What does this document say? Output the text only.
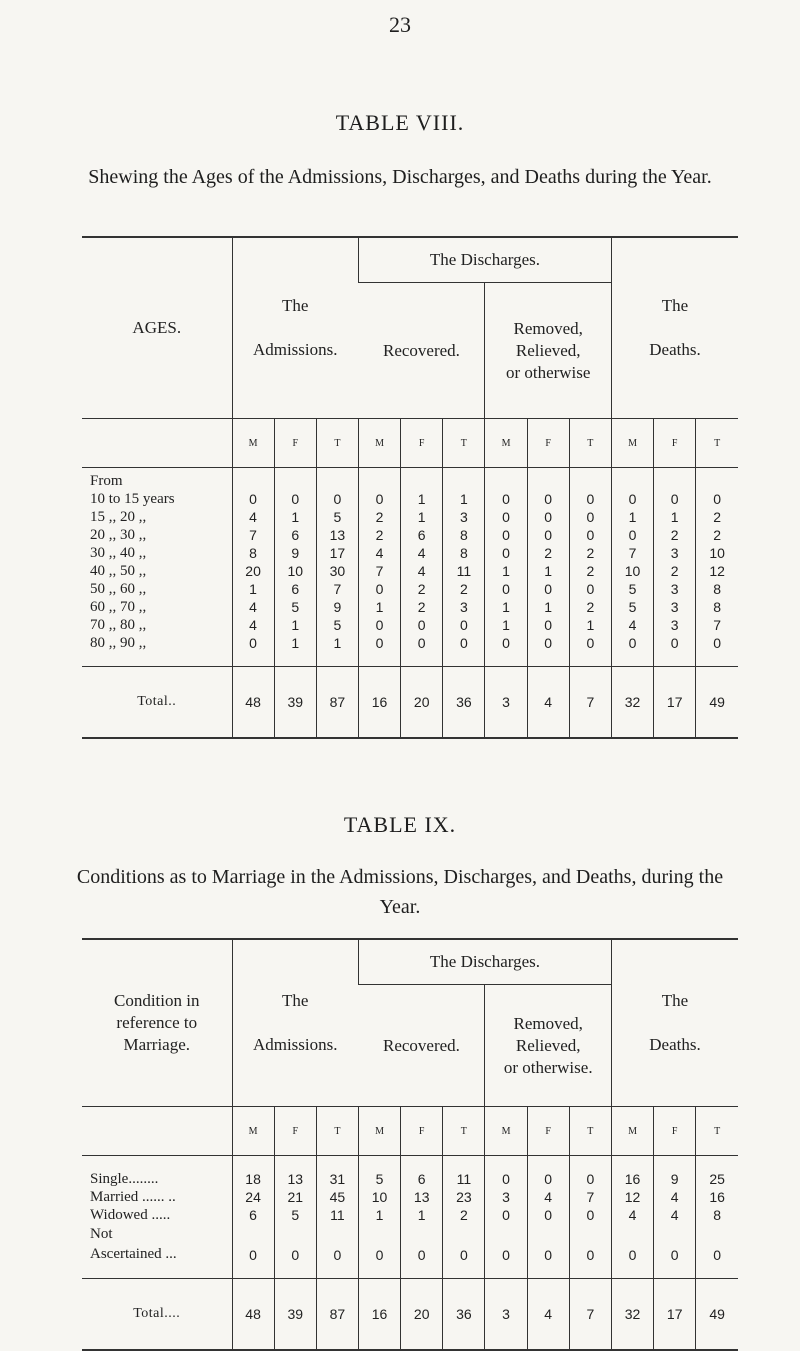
23
TABLE VIII.
Shewing the Ages of the Admissions, Discharges, and Deaths during the Year.
AGES.	The

Admissions.			The Discharges.						The

Deaths.		
				Recovered.			Removed,
Relieved,
or otherwise					
	M	F	T	M	F	T	M	F	T	M	F	T
From												
10 to 15 years	0	0	0	0	1	1	0	0	0	0	0	0
15 ,, 20 ,,	4	1	5	2	1	3	0	0	0	1	1	2
20 ,, 30 ,,	7	6	13	2	6	8	0	0	0	0	2	2
30 ,, 40 ,,	8	9	17	4	4	8	0	2	2	7	3	10
40 ,, 50 ,,	20	10	30	7	4	11	1	1	2	10	2	12
50 ,, 60 ,,	1	6	7	0	2	2	0	0	0	5	3	8
60 ,, 70 ,,	4	5	9	1	2	3	1	1	2	5	3	8
70 ,, 80 ,,	4	1	5	0	0	0	1	0	1	4	3	7
80 ,, 90 ,,	0	1	1	0	0	0	0	0	0	0	0	0

Total..	48	39	87	16	20	36	3	4	7	32	17	49
TABLE IX.
Conditions as to Marriage in the Admissions, Discharges, and Deaths, during the Year.
Condition in
reference to
Marriage.	The

Admissions.			The Discharges.						The

Deaths.		
				Recovered.			Removed,
Relieved,
or otherwise.					
	M	F	T	M	F	T	M	F	T	M	F	T

Single........	18	13	31	5	6	11	0	0	0	16	9	25
Married ...... ..	24	21	45	10	13	23	3	4	7	12	4	16
Widowed .....	6	5	11	1	1	2	0	0	0	4	4	8
Not
Ascertained ...	0	0	0	0	0	0	0	0	0	0	0	0

Total....	48	39	87	16	20	36	3	4	7	32	17	49
